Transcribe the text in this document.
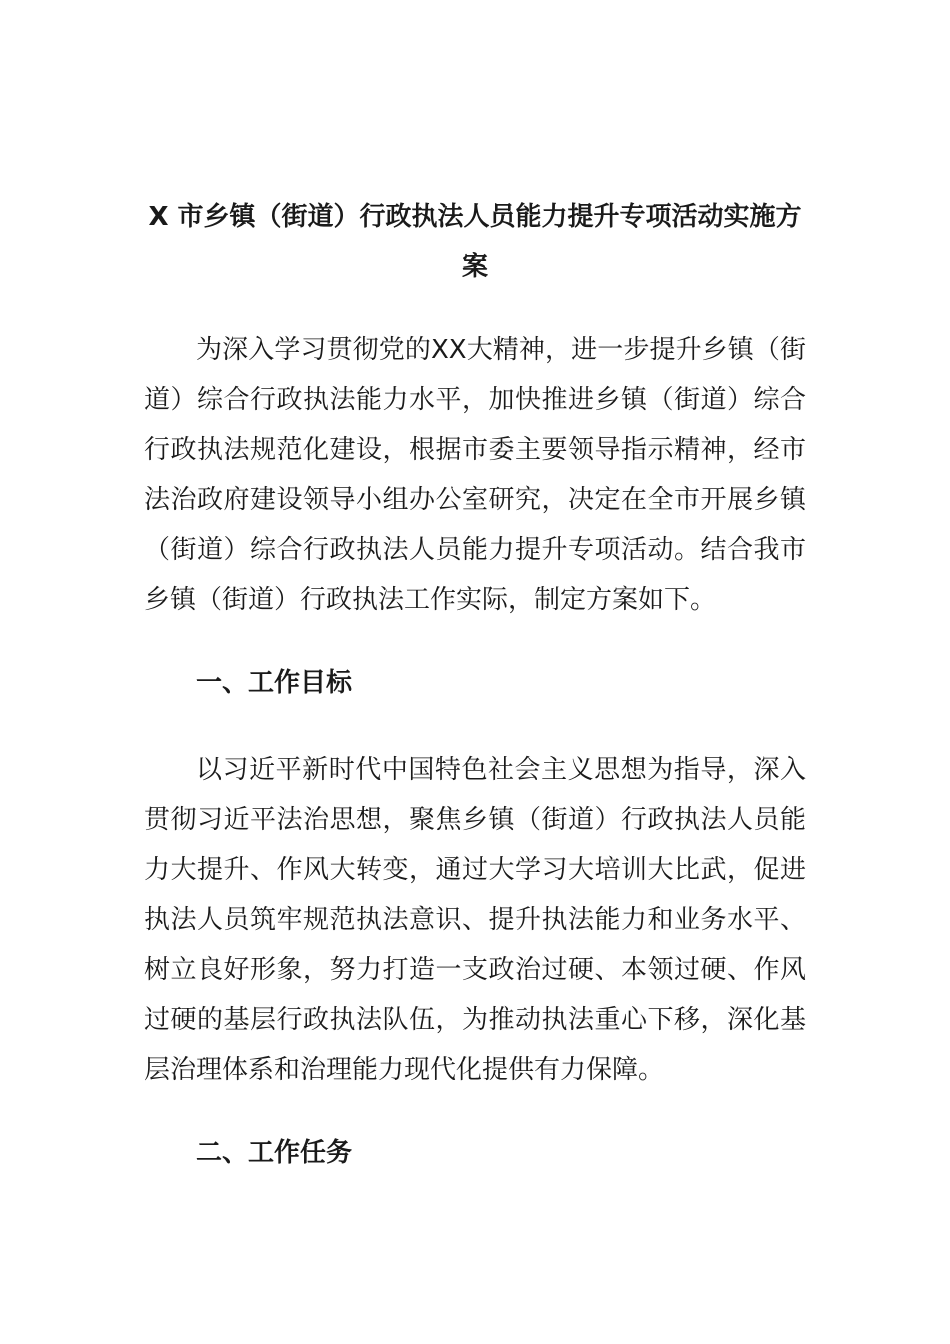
X 市乡镇（街道）行政执法人员能力提升专项活动实施方案

为深入学习贯彻党的XX大精神，进一步提升乡镇（街道）综合行政执法能力水平，加快推进乡镇（街道）综合行政执法规范化建设，根据市委主要领导指示精神，经市法治政府建设领导小组办公室研究，决定在全市开展乡镇（街道）综合行政执法人员能力提升专项活动。结合我市乡镇（街道）行政执法工作实际，制定方案如下。

一、工作目标

以习近平新时代中国特色社会主义思想为指导，深入贯彻习近平法治思想，聚焦乡镇（街道）行政执法人员能力大提升、作风大转变，通过大学习大培训大比武，促进执法人员筑牢规范执法意识、提升执法能力和业务水平、树立良好形象，努力打造一支政治过硬、本领过硬、作风过硬的基层行政执法队伍，为推动执法重心下移，深化基层治理体系和治理能力现代化提供有力保障。

二、工作任务
